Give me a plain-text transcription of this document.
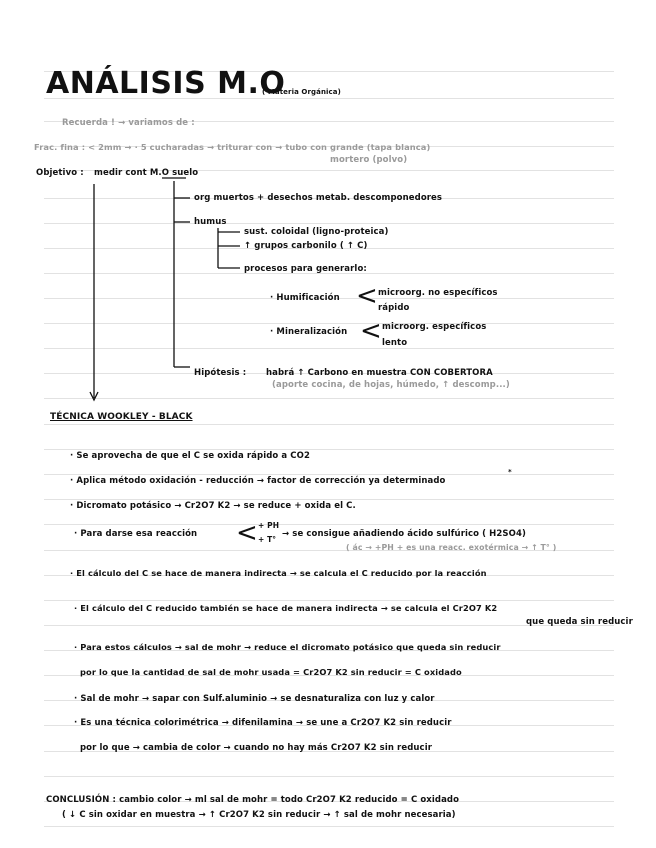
ANÁLISIS M.O
( Materia Orgánica)
Recuerda ! → variamos de :
Frac. fina : < 2mm → · 5 cucharadas → triturar con → tubo con grande (tapa blanca)
mortero (polvo)
Objetivo : medir cont M.O suelo
org muertos + desechos metab. descomponedores
humus
sust. coloidal (ligno-proteica)
↑ grupos carbonilo ( ↑ C)
procesos para generarlo:
· Humificación < microorg. no específicos
rápido
· Mineralización < microorg. específicos
lento
Hipótesis : habrá ↑ Carbono en muestra CON COBERTORA
(aporte cocina, de hojas, húmedo, ↑ descomp...)
TÉCNICA WOOKLEY - BLACK
· Se aprovecha de que el C se oxida rápido a CO2
· Aplica método oxidación - reducción → factor de corrección ya determinado
*
· Dicromato potásico → Cr2O7 K2 → se reduce + oxida el C.
· Para darse esa reacción < + PH
+ T°
→ se consigue añadiendo ácido sulfúrico ( H2SO4)
( ác → +PH + es una reacc. exotérmica → ↑ T° )
· El cálculo del C se hace de manera indirecta → se calcula el C reducido por la reacción
· El cálculo del C reducido también se hace de manera indirecta → se calcula el Cr2O7 K2
que queda sin reducir
· Para estos cálculos → sal de mohr → reduce el dicromato potásico que queda sin reducir
por lo que la cantidad de sal de mohr usada = Cr2O7 K2 sin reducir = C oxidado
· Sal de mohr → sapar con Sulf.aluminio → se desnaturaliza con luz y calor
· Es una técnica colorimétrica → difenilamina → se une a Cr2O7 K2 sin reducir
por lo que → cambia de color → cuando no hay más Cr2O7 K2 sin reducir
CONCLUSIÓN : cambio color → ml sal de mohr = todo Cr2O7 K2 reducido = C oxidado
( ↓ C sin oxidar en muestra → ↑ Cr2O7 K2 sin reducir → ↑ sal de mohr necesaria)
